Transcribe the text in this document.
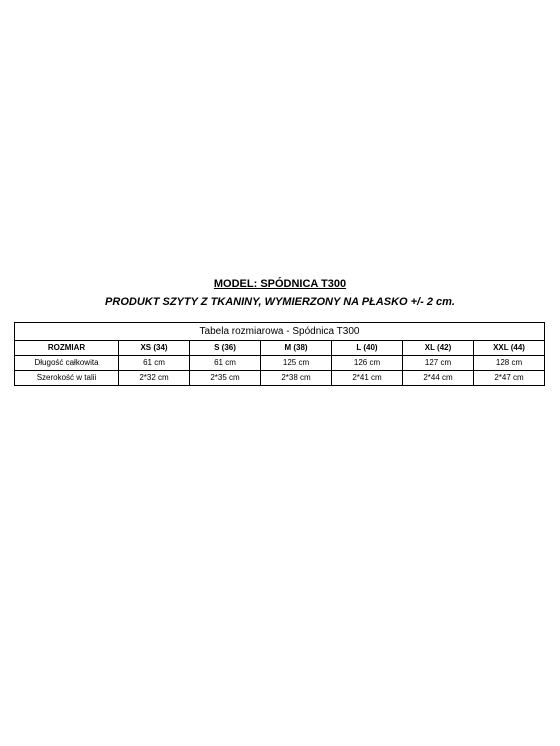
MODEL: SPÓDNICA T300
PRODUKT SZYTY Z TKANINY, WYMIERZONY NA PŁASKO +/- 2 cm.
Tabela rozmiarowa - Spódnica T300						
ROZMIAR	XS (34)	S (36)	M (38)	L (40)	XL (42)	XXL (44)
Długość całkowita	61 cm	61 cm	125 cm	126 cm	127 cm	128 cm
Szerokość w talii	2*32 cm	2*35 cm	2*38 cm	2*41 cm	2*44 cm	2*47 cm
